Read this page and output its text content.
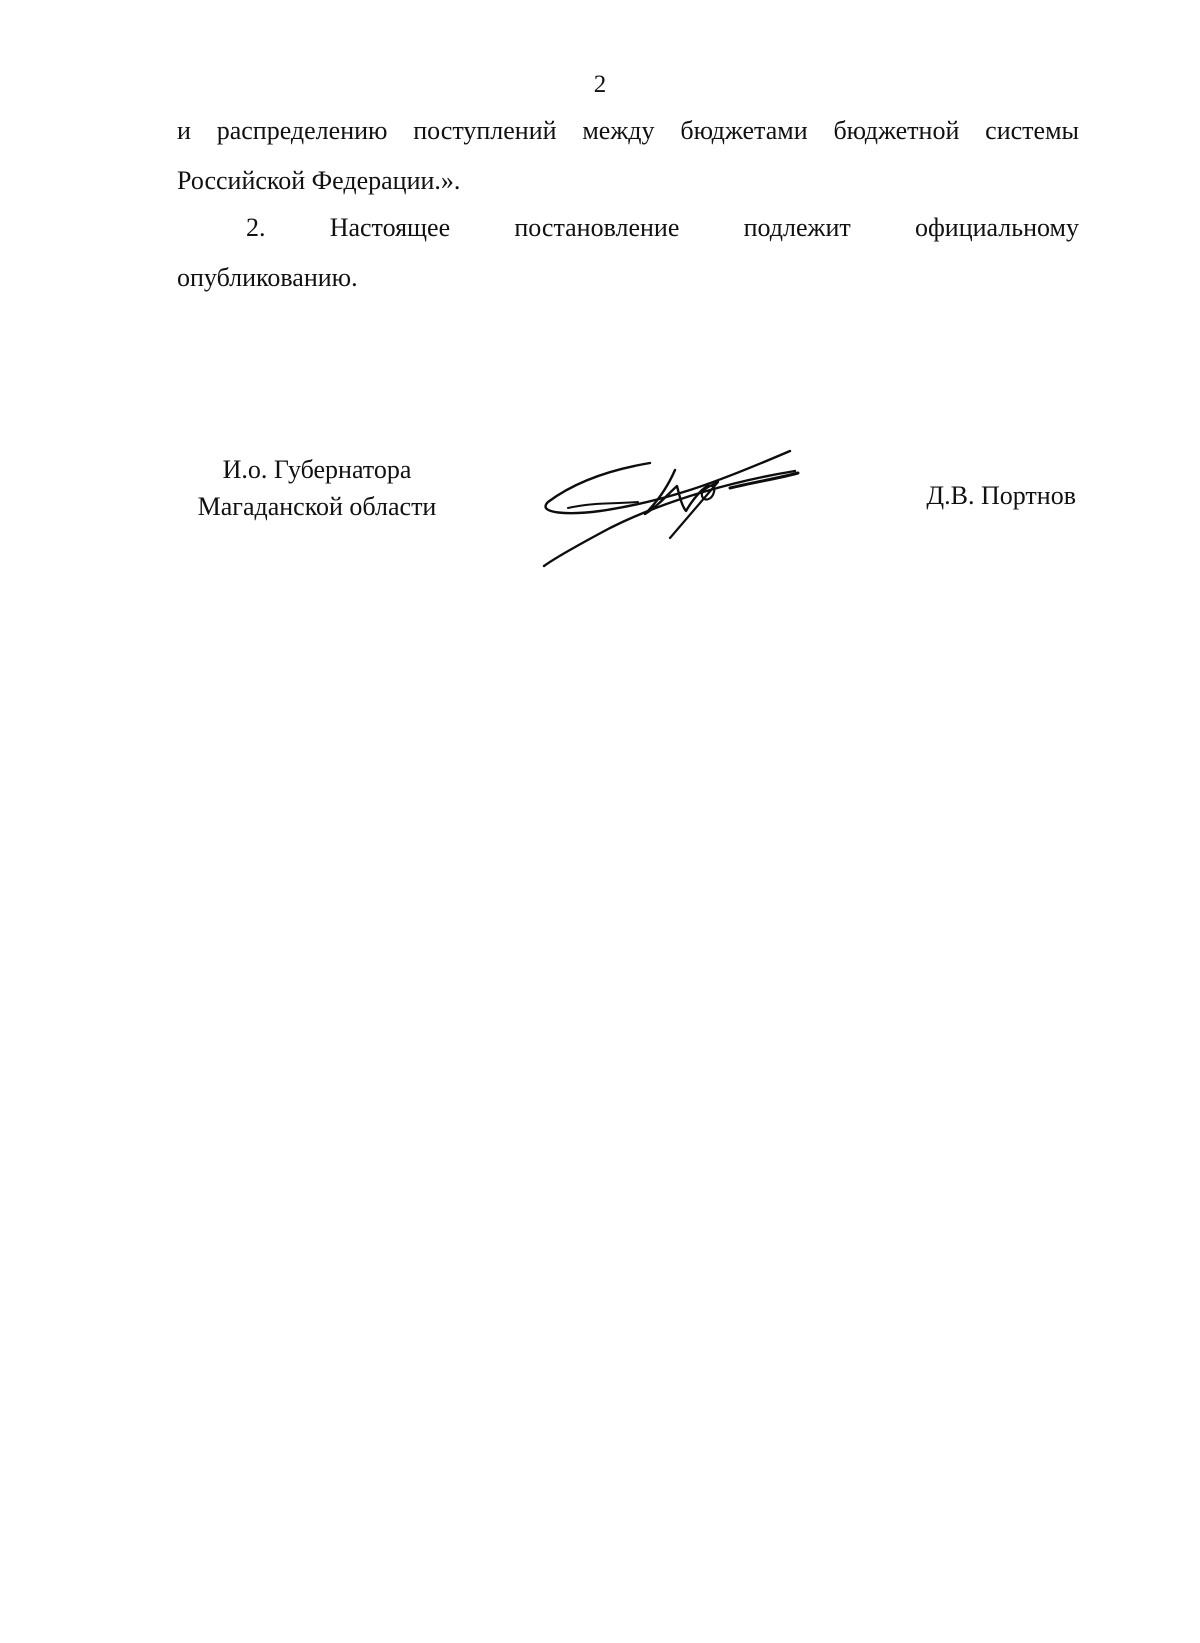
2
и распределению поступлений между бюджетами бюджетной системы
Российской Федерации.».
2. Настоящее постановление подлежит официальному
опубликованию.
И.о. Губернатора
Магаданской области	Д.В. Портнов
